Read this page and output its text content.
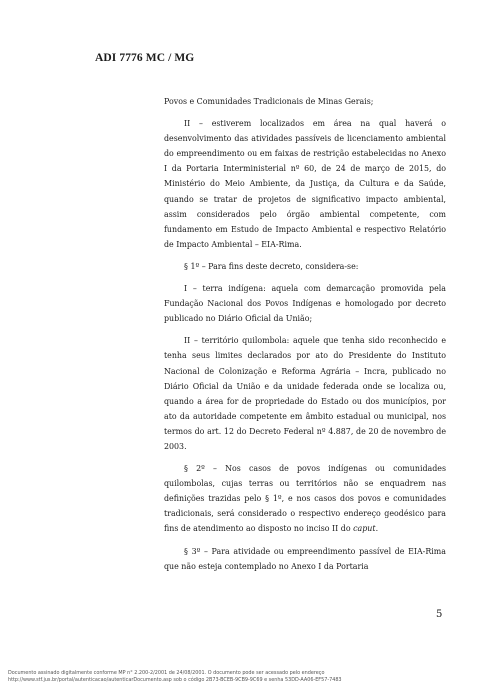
ADI 7776 MC / MG

Povos e Comunidades Tradicionais de Minas Gerais;

II – estiverem localizados em área na qual haverá o desenvolvimento das atividades passíveis de licenciamento ambiental do empreendimento ou em faixas de restrição estabelecidas no Anexo I da Portaria Interministerial nº 60, de 24 de março de 2015, do Ministério do Meio Ambiente, da Justiça, da Cultura e da Saúde, quando se tratar de projetos de significativo impacto ambiental, assim considerados pelo órgão ambiental competente, com fundamento em Estudo de Impacto Ambiental e respectivo Relatório de Impacto Ambiental – EIA-Rima.

§ 1º – Para fins deste decreto, considera-se:

I – terra indígena: aquela com demarcação promovida pela Fundação Nacional dos Povos Indígenas e homologado por decreto publicado no Diário Oficial da União;

II – território quilombola: aquele que tenha sido reconhecido e tenha seus limites declarados por ato do Presidente do Instituto Nacional de Colonização e Reforma Agrária – Incra, publicado no Diário Oficial da União e da unidade federada onde se localiza ou, quando a área for de propriedade do Estado ou dos municípios, por ato da autoridade competente em âmbito estadual ou municipal, nos termos do art. 12 do Decreto Federal nº 4.887, de 20 de novembro de 2003.

§ 2º – Nos casos de povos indígenas ou comunidades quilombolas, cujas terras ou territórios não se enquadrem nas definições trazidas pelo § 1º, e nos casos dos povos e comunidades tradicionais, será considerado o respectivo endereço geodésico para fins de atendimento ao disposto no inciso II do caput.

§ 3º – Para atividade ou empreendimento passível de EIA-Rima que não esteja contemplado no Anexo I da Portaria

5
Documento assinado digitalmente conforme MP n° 2.200-2/2001 de 24/08/2001. O documento pode ser acessado pelo endereço
http://www.stf.jus.br/portal/autenticacao/autenticarDocumento.asp sob o código 2B73-BCEB-9CB9-9C69 e senha 53DD-AA06-EF57-7483
